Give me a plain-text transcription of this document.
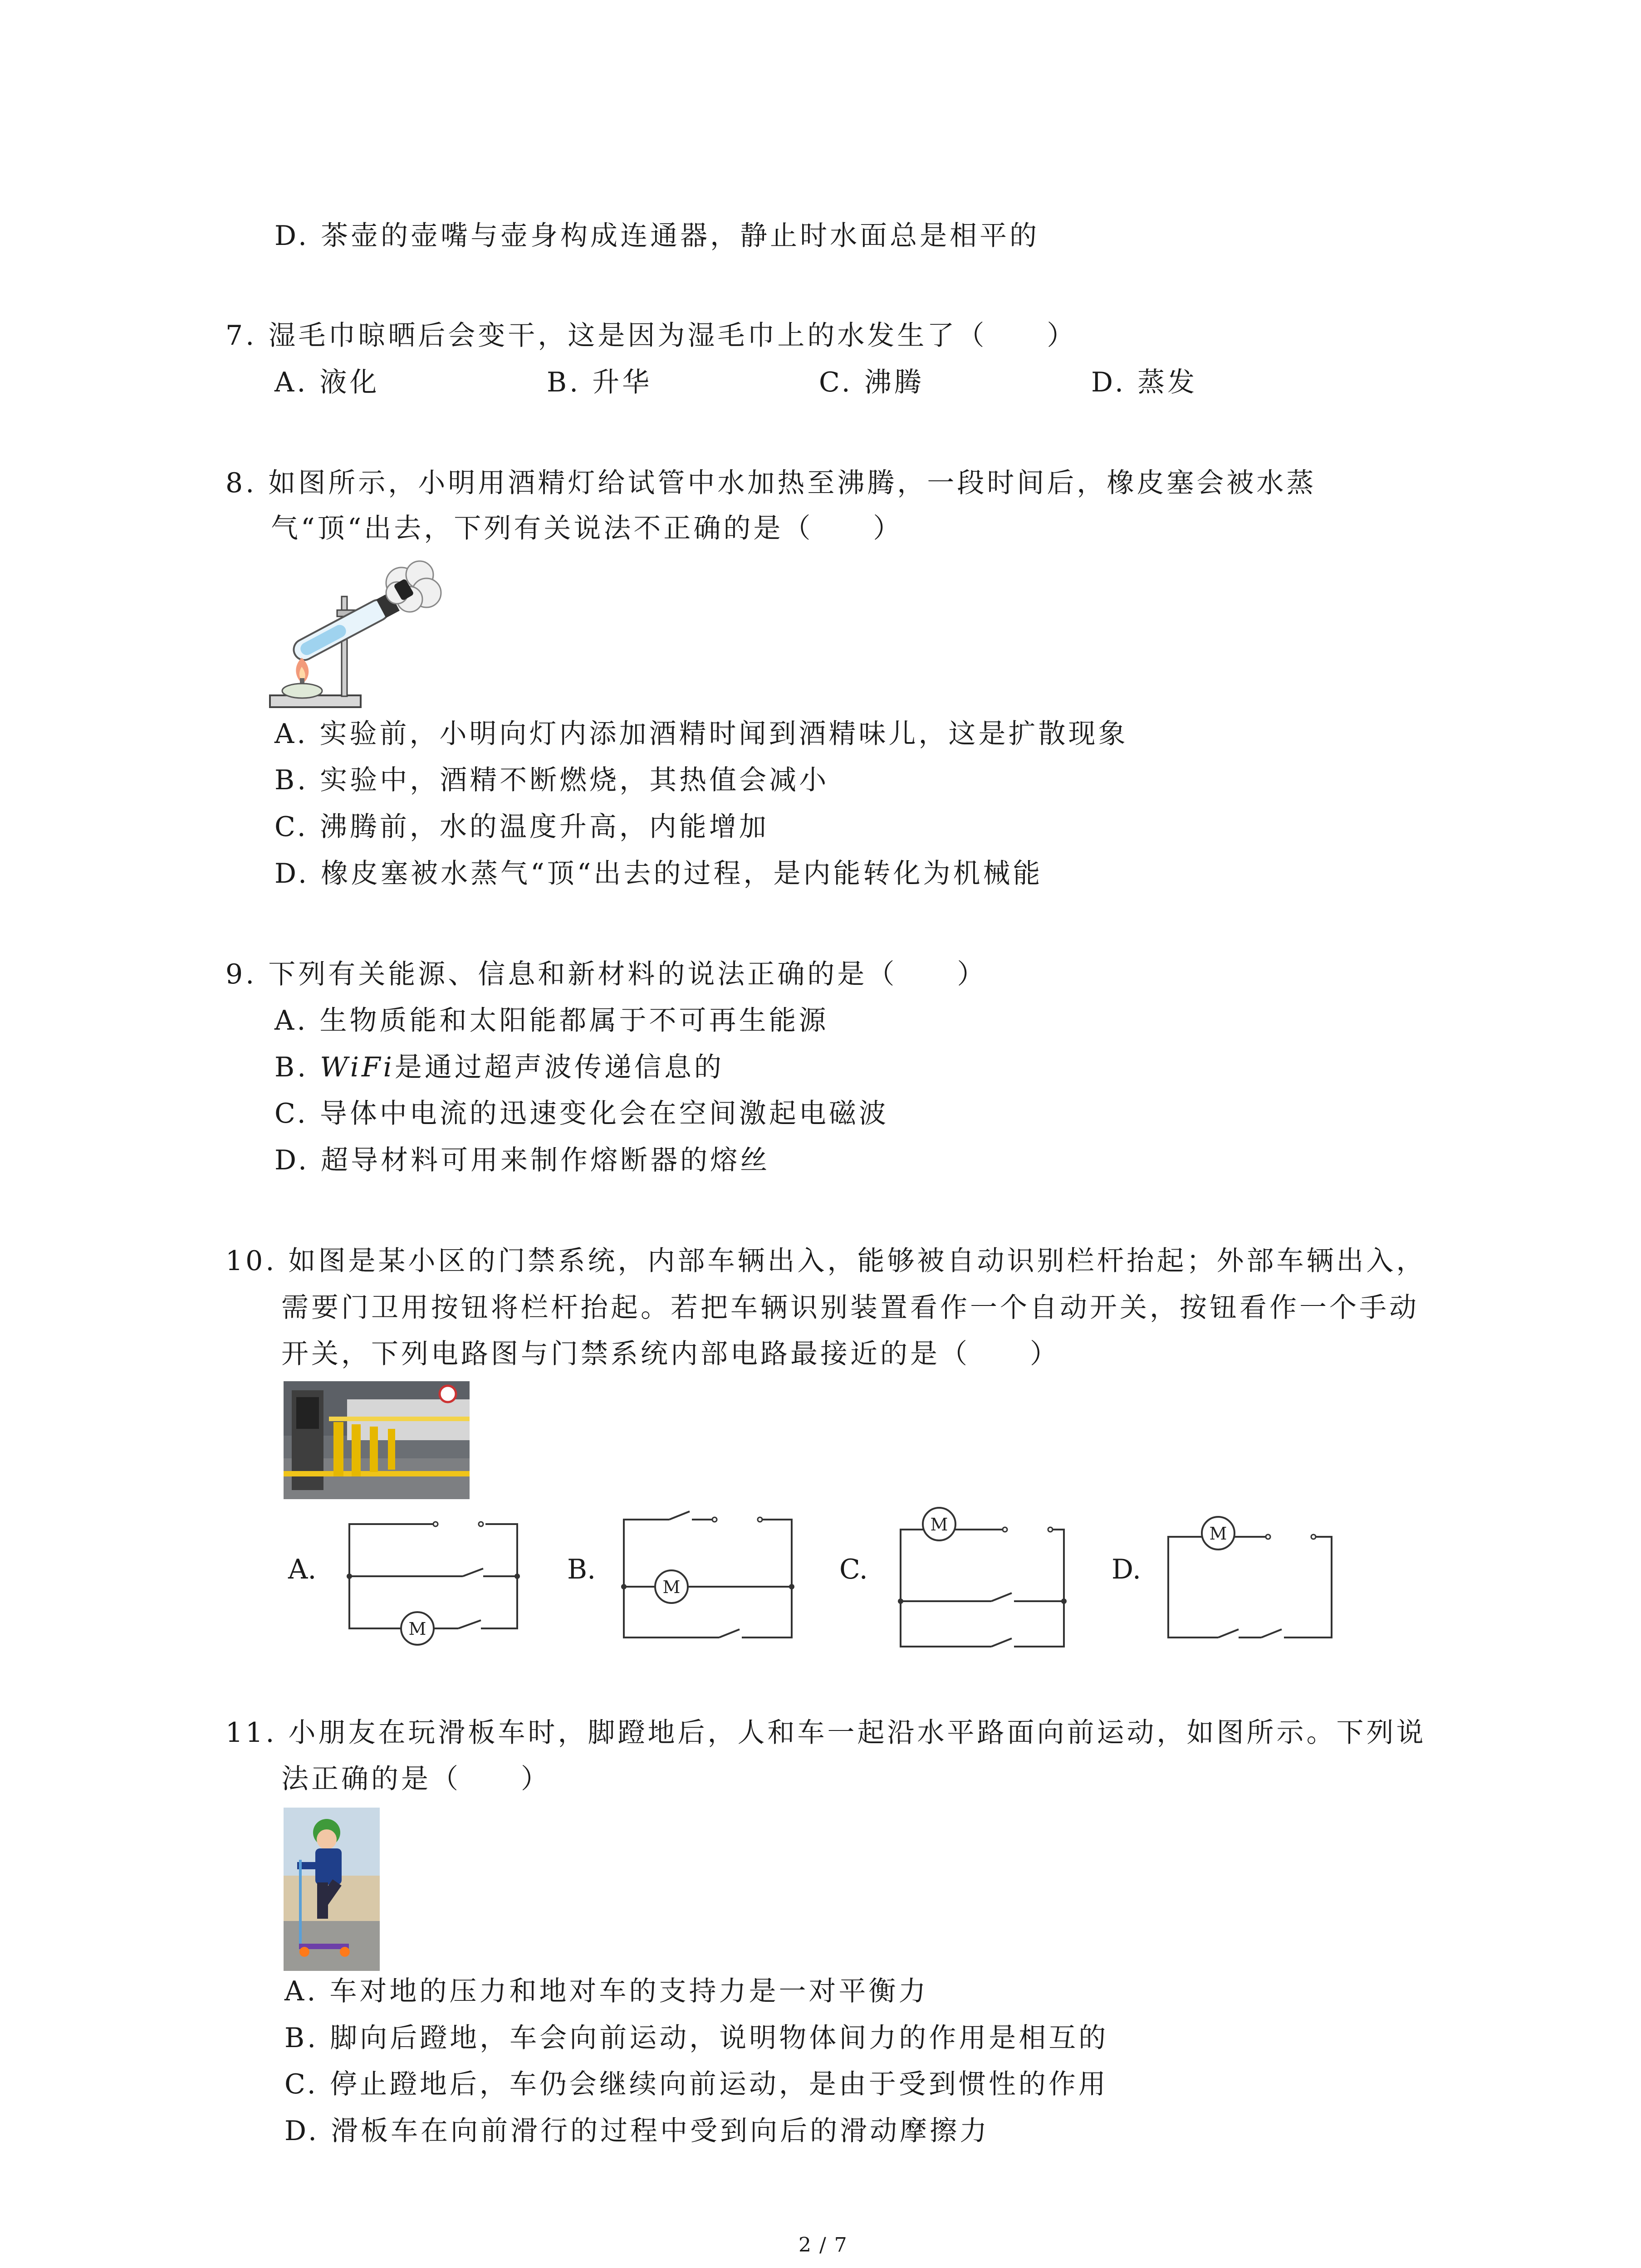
D. 茶壶的壶嘴与壶身构成连通器，静止时水面总是相平的
7. 湿毛巾晾晒后会变干，这是因为湿毛巾上的水发生了（　　）
A. 液化	B. 升华	C. 沸腾	D. 蒸发
8. 如图所示，小明用酒精灯给试管中水加热至沸腾，一段时间后，橡皮塞会被水蒸
气“顶“出去，下列有关说法不正确的是（　　）
A. 实验前，小明向灯内添加酒精时闻到酒精味儿，这是扩散现象
B. 实验中，酒精不断燃烧，其热值会减小
C. 沸腾前，水的温度升高，内能增加
D. 橡皮塞被水蒸气“顶“出去的过程，是内能转化为机械能
9. 下列有关能源、信息和新材料的说法正确的是（　　）
A. 生物质能和太阳能都属于不可再生能源
B. WiFi是通过超声波传递信息的
C. 导体中电流的迅速变化会在空间激起电磁波
D. 超导材料可用来制作熔断器的熔丝
10. 如图是某小区的门禁系统，内部车辆出入，能够被自动识别栏杆抬起；外部车辆出入，
需要门卫用按钮将栏杆抬起。若把车辆识别装置看作一个自动开关，按钮看作一个手动
开关，下列电路图与门禁系统内部电路最接近的是（　　）
A.	B.	C.	D.
M
M
M	M
11. 小朋友在玩滑板车时，脚蹬地后，人和车一起沿水平路面向前运动，如图所示。下列说
法正确的是（　　）
A. 车对地的压力和地对车的支持力是一对平衡力
B. 脚向后蹬地，车会向前运动，说明物体间力的作用是相互的
C. 停止蹬地后，车仍会继续向前运动，是由于受到惯性的作用
D. 滑板车在向前滑行的过程中受到向后的滑动摩擦力
2 / 7
